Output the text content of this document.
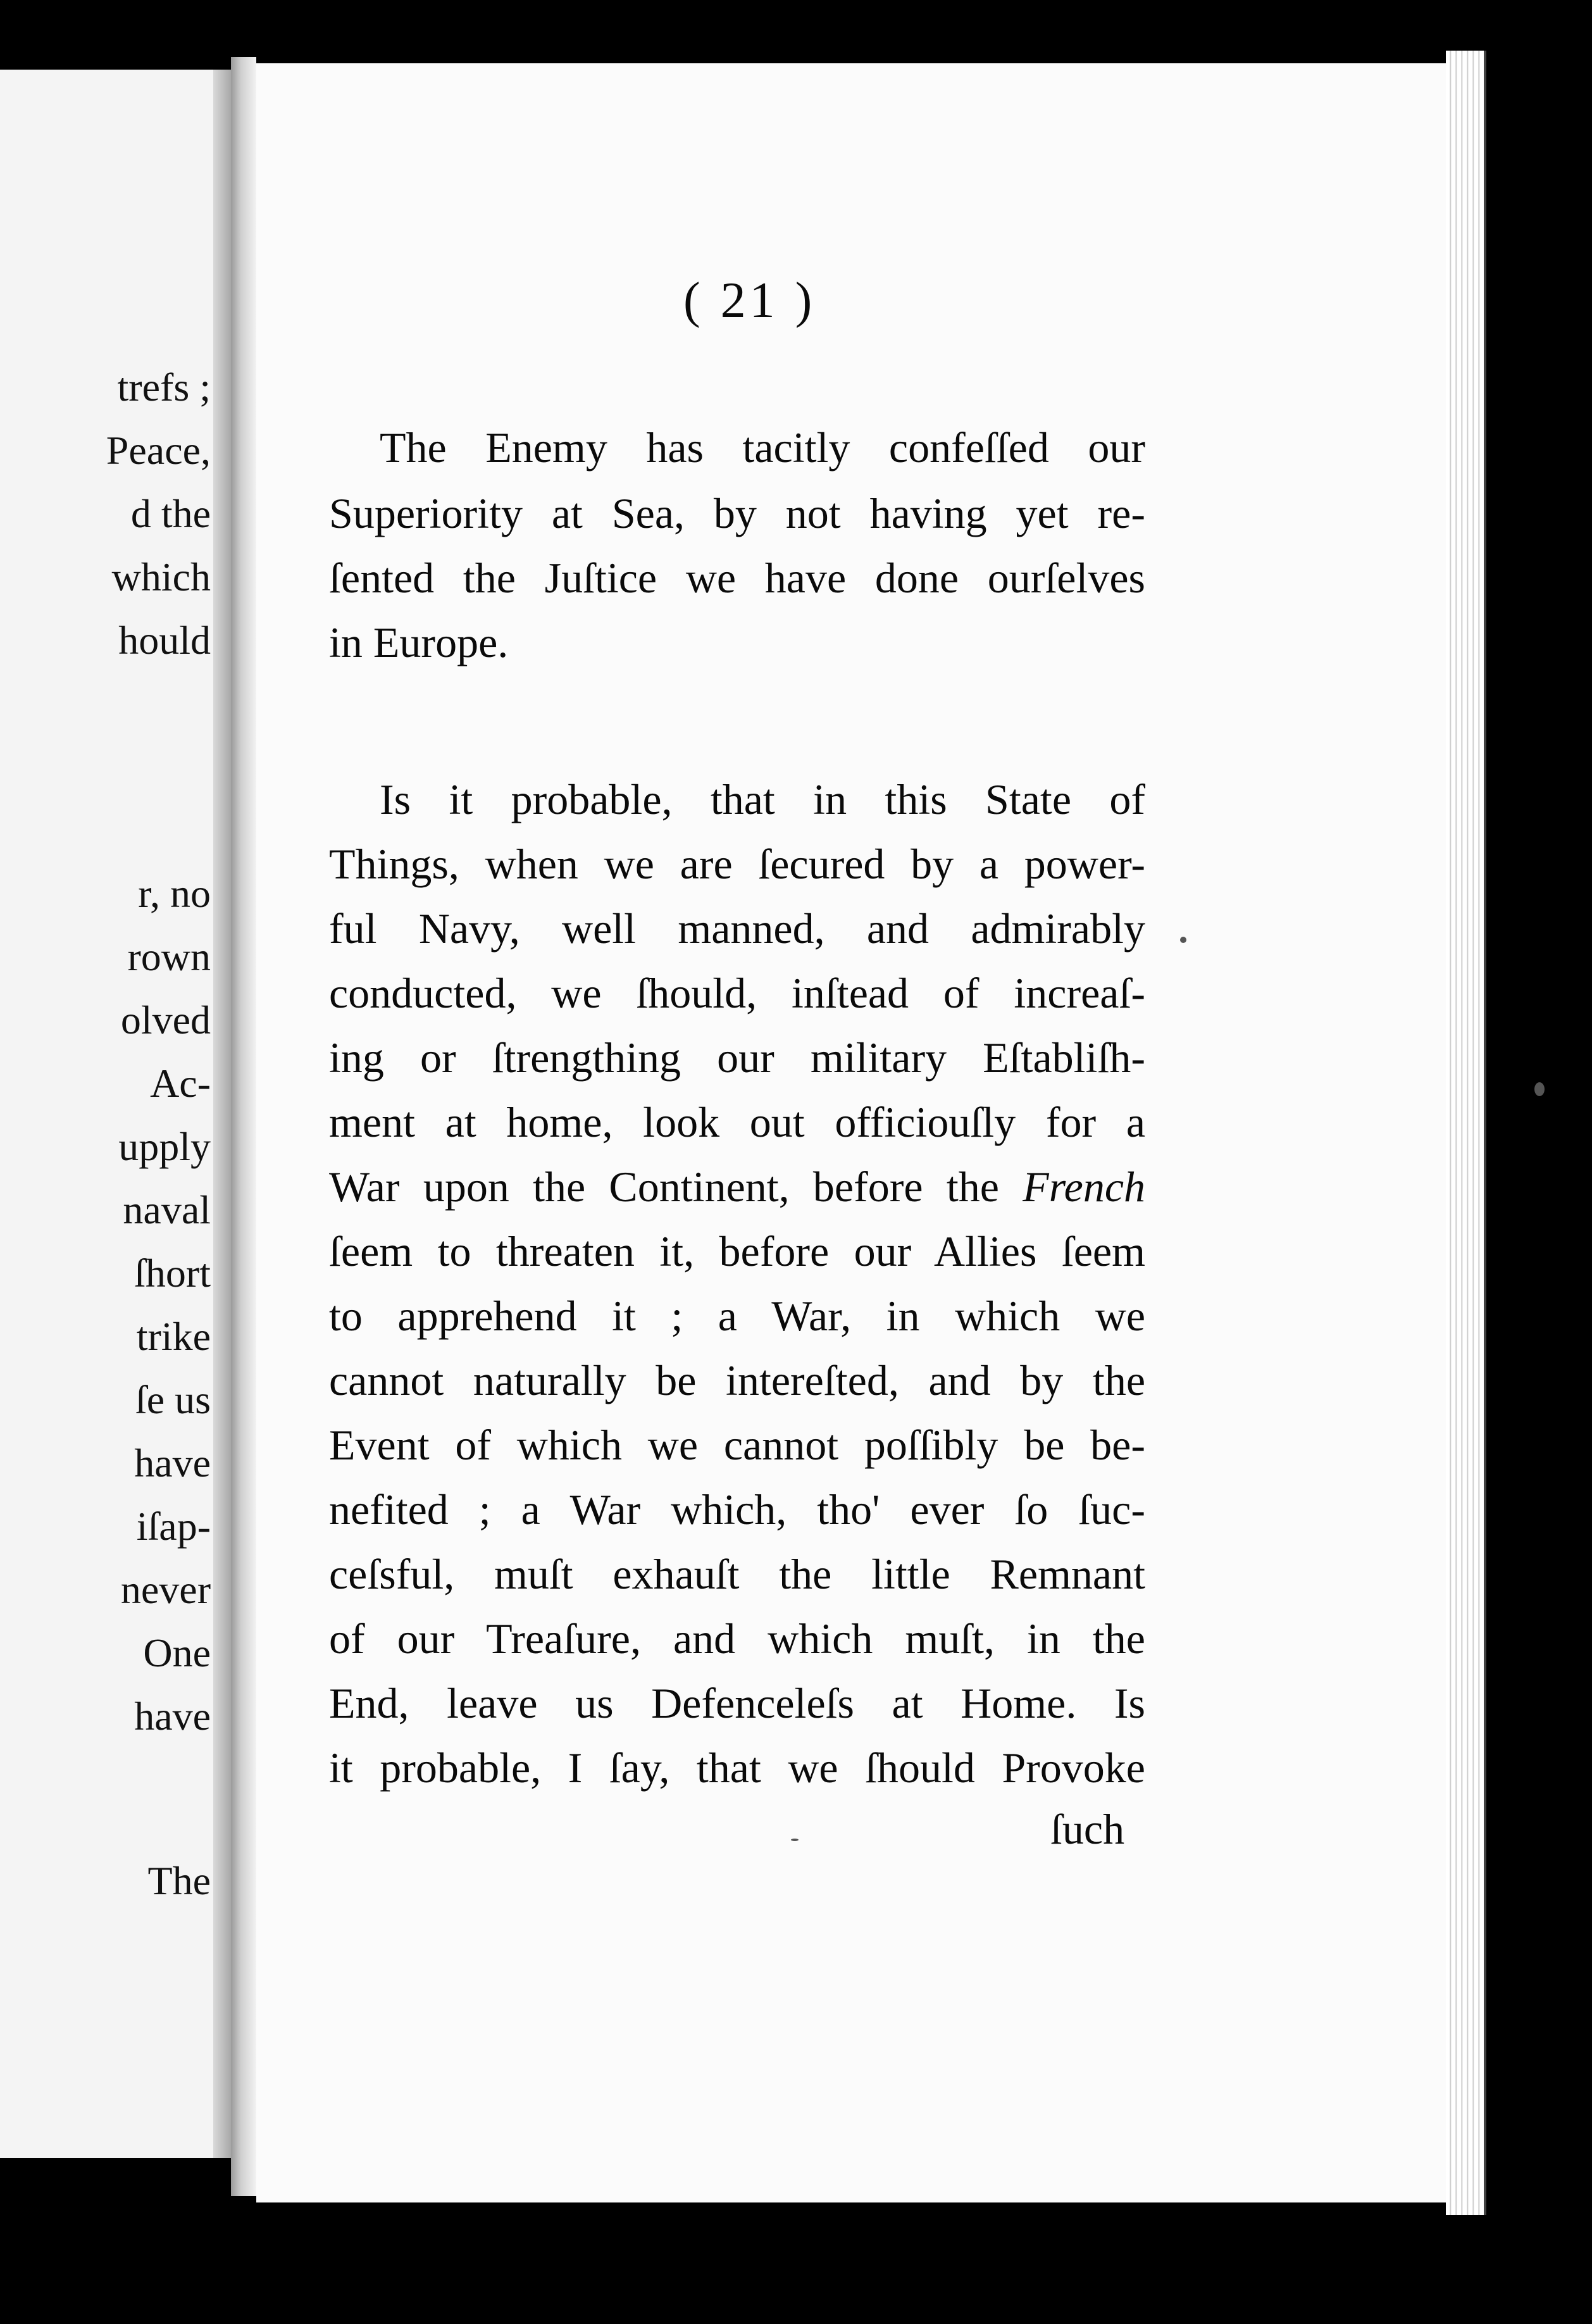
trefs ;
Peace,
d the
which
hould
r, no
rown
olved
Ac-
upply
naval
ſhort
trike
ſe us
have
iſap-
never
One
have
The
( 21 )
The Enemy has tacitly confeſſed our
Superiority at Sea, by not having yet re-
ſented the Juſtice we have done ourſelves
in Europe.
Is it probable, that in this State of
Things, when we are ſecured by a power-
ful Navy, well manned, and admirably
conducted, we ſhould, inſtead of increaſ-
ing or ſtrengthing our military Eſtabliſh-
ment at home, look out officiouſly for a
War upon the Continent, before the French
ſeem to threaten it, before our Allies ſeem
to apprehend it ; a War, in which we
cannot naturally be intereſted, and by the
Event of which we cannot poſſibly be be-
nefited ; a War which, tho' ever ſo ſuc-
ceſsful, muſt exhauſt the little Remnant
of our Treaſure, and which muſt, in the
End, leave us Defenceleſs at Home. Is
it probable, I ſay, that we ſhould Provoke
ſuch
